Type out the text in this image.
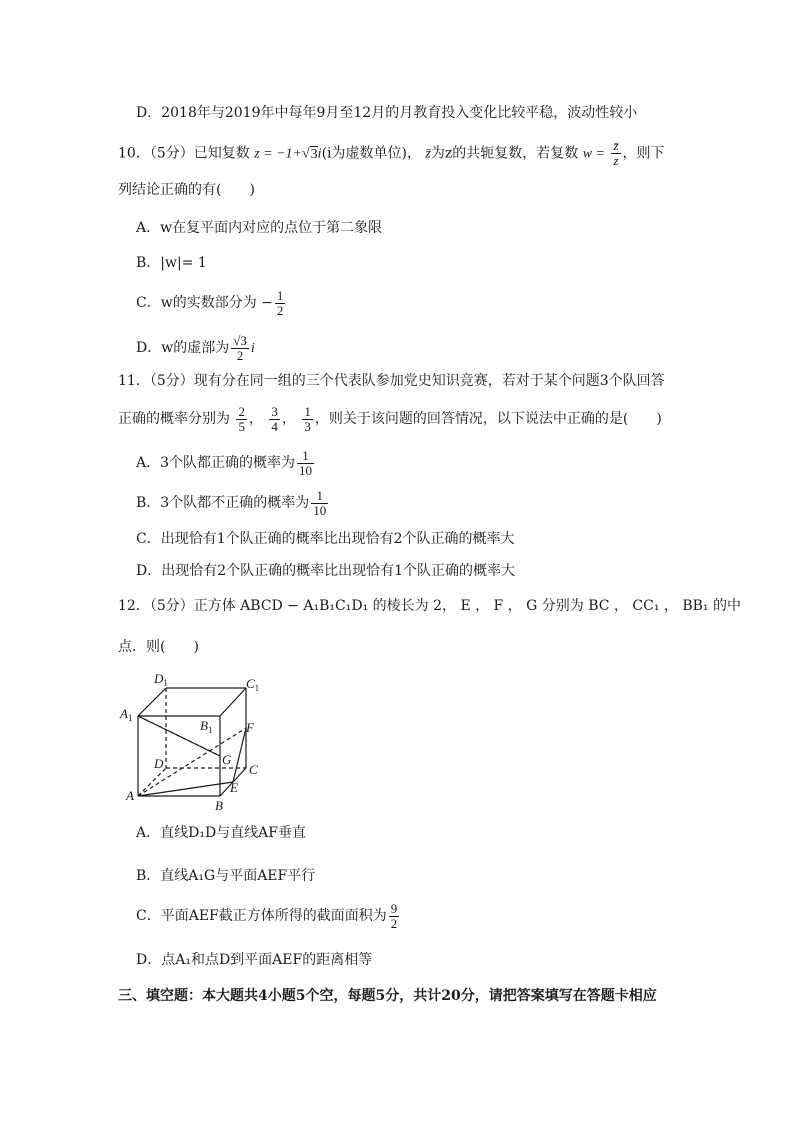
D．2018年与2019年中每年9月至12月的月教育投入变化比较平稳，波动性较小
10．（5分）已知复数 z = −1+√3i(i为虚数单位)， z̄为z的共轭复数，若复数 $w = \frac{z̄}{z}$ ，则下
列结论正确的有(　　)
A．w在复平面内对应的点位于第二象限
B．|w|= 1
C．w的实数部分为 − $\frac{1}{2}$
D．w的虚部为 $\frac{√3}{2}$ i
11．（5分）现有分在同一组的三个代表队参加党史知识竞赛，若对于某个问题3个队回答
正确的概率分别为 $\frac{2}{5}$ ， $\frac{3}{4}$ ， $\frac{1}{3}$ ，则关于该问题的回答情况，以下说法中正确的是(　　)
A．3个队都正确的概率为 $\frac{1}{10}$
B．3个队都不正确的概率为 $\frac{1}{10}$
C．出现恰有1个队正确的概率比出现恰有2个队正确的概率大
D．出现恰有2个队正确的概率比出现恰有1个队正确的概率大
12．（5分）正方体 ABCD − A₁B₁C₁D₁ 的棱长为 2， E ， F ， G 分别为 BC ， CC₁ ， BB₁ 的中
点．则(　　)
$D_1$	$C_1$
$A_1$	$B_1$	F
D	G
C
E
A
B
A．直线D₁D与直线AF垂直
B．直线A₁G与平面AEF平行
C．平面AEF截正方体所得的截面面积为 $\frac{9}{2}$
D．点A₁和点D到平面AEF的距离相等
三、填空题：本大题共4小题5个空，每题5分，共计20分，请把答案填写在答题卡相应
